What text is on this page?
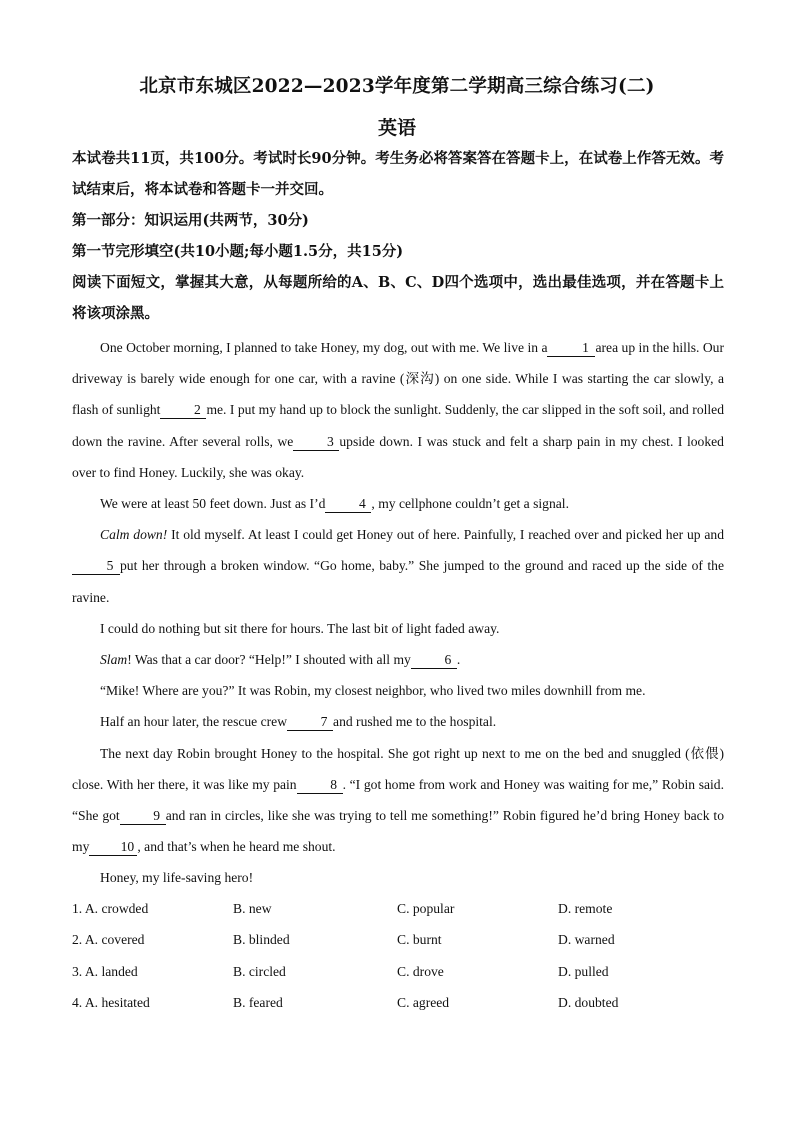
北京市东城区2022—2023学年度第二学期高三综合练习(二)
英语
本试卷共11页，共100分。考试时长90分钟。考生务必将答案答在答题卡上，在试卷上作答无效。考试结束后，将本试卷和答题卡一并交回。
第一部分：知识运用(共两节，30分)
第一节完形填空(共10小题;每小题1.5分，共15分)
阅读下面短文，掌握其大意，从每题所给的A、B、C、D四个选项中，选出最佳选项，并在答题卡上将该项涂黑。

One October morning, I planned to take Honey, my dog, out with me. We live in a	1 area up in the hills. Our driveway is barely wide enough for one car, with a ravine (深沟) on one side. While I was starting the car slowly, a flash of sunlight 2 me. I put my hand up to block the sunlight. Suddenly, the car slipped in the soft soil, and rolled down the ravine. After several rolls, we 3 upside down. I was stuck and felt a sharp pain in my chest. I looked over to find Honey. Luckily, she was okay.

We were at least 50 feet down. Just as I’d 4 , my cellphone couldn’t get a signal.

Calm down! It old myself. At least I could get Honey out of here. Painfully, I reached over and picked her up and5 put her through a broken window. “Go home, baby.” She jumped to the ground and raced up the side of the ravine.

I could do nothing but sit there for hours. The last bit of light faded away.

Slam! Was that a car door? “Help!” I shouted with all my 6 .

“Mike! Where are you?” It was Robin, my closest neighbor, who lived two miles downhill from me.

Half an hour later, the rescue crew 7 and rushed me to the hospital.

The next day Robin brought Honey to the hospital. She got right up next to me on the bed and snuggled (依偎) close. With her there, it was like my pain 8 . “I got home from work and Honey was waiting for me,” Robin said. “She got 9 and ran in circles, like she was trying to tell me something!” Robin figured he’d bring Honey back to my 10 , and that’s when he heard me shout.

Honey, my life-saving hero!

1. A. crowded	B. new	C. popular	D. remote
2. A. covered	B. blinded	C. burnt	D. warned
3. A. landed	B. circled	C. drove	D. pulled
4. A. hesitated	B. feared	C. agreed	D. doubted
